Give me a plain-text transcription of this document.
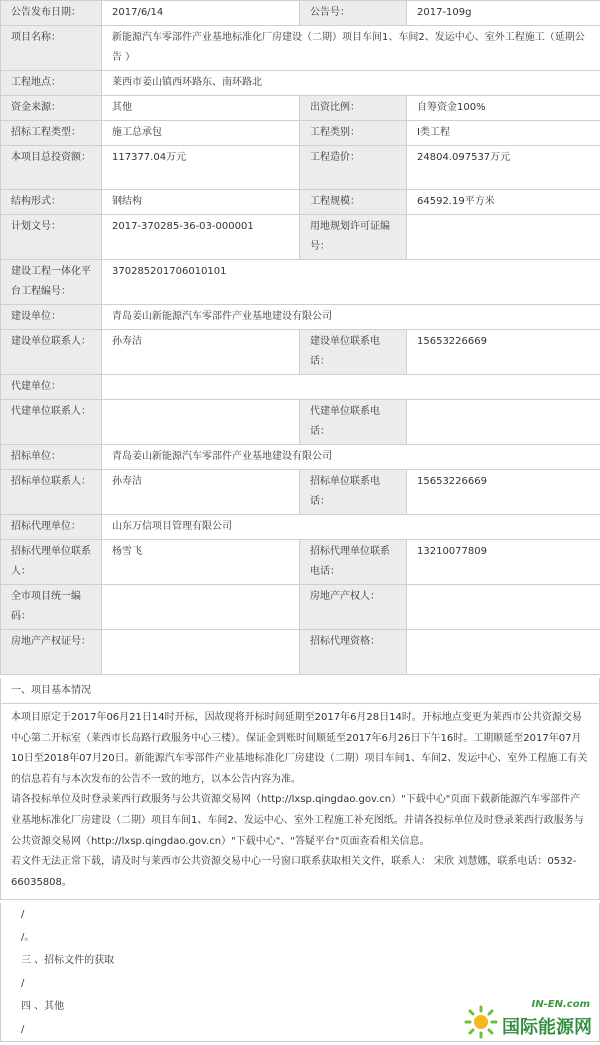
公告发布日期：	2017/6/14	公告号：	2017-109g
项目名称：	新能源汽车零部件产业基地标准化厂房建设（二期）项目车间1、车间2、发运中心、室外工程施工（延期公告 ）		
工程地点：	莱西市姜山镇西环路东、南环路北		
资金来源：	其他	出资比例：	自筹资金100%
招标工程类型：	施工总承包	工程类别：	Ⅰ类工程
本项目总投资额：	117377.04万元	工程造价：	24804.097537万元
结构形式：	钢结构	工程规模：	64592.19平方米
计划文号：	2017-370285-36-03-000001	用地规划许可证编号：	
建设工程一体化平台工程编号：	370285201706010101		
建设单位：	青岛姜山新能源汽车零部件产业基地建设有限公司		
建设单位联系人：	孙寿洁	建设单位联系电话：	15653226669
代建单位：			
代建单位联系人：		代建单位联系电话：	
招标单位：	青岛姜山新能源汽车零部件产业基地建设有限公司		
招标单位联系人：	孙寿洁	招标单位联系电话：	15653226669
招标代理单位：	山东万信项目管理有限公司		
招标代理单位联系人：	杨雪飞	招标代理单位联系电话：	13210077809
全市项目统一编码：		房地产产权人：	
房地产产权证号：		招标代理资格：	
一、项目基本情况

本项目原定于2017年06月21日14时开标，因故现将开标时间延期至2017年6月28日14时。开标地点变更为莱西市公共资源交易中心第二开标室（莱西市长岛路行政服务中心三楼）。保证金到账时间顺延至2017年6月26日下午16时。工期顺延至2017年07月10日至2018年07月20日。新能源汽车零部件产业基地标准化厂房建设（二期）项目车间1、车间2、发运中心、室外工程施工有关的信息若有与本次发布的公告不一致的地方，以本公告内容为准。

请各投标单位及时登录莱西行政服务与公共资源交易网（http://lxsp.qingdao.gov.cn）"下载中心"页面下载新能源汽车零部件产业基地标准化厂房建设（二期）项目车间1、车间2、发运中心、室外工程施工补充图纸。并请各投标单位及时登录莱西行政服务与公共资源交易网（http://lxsp.qingdao.gov.cn）"下载中心"、"答疑平台"页面查看相关信息。

若文件无法正常下载，请及时与莱西市公共资源交易中心一号窗口联系获取相关文件，联系人： 宋欣 刘慧娜，联系电话：0532-66035808。

/
/。
三 、招标文件的获取
/
四 、其他
/
IN-EN.com
国际能源网
